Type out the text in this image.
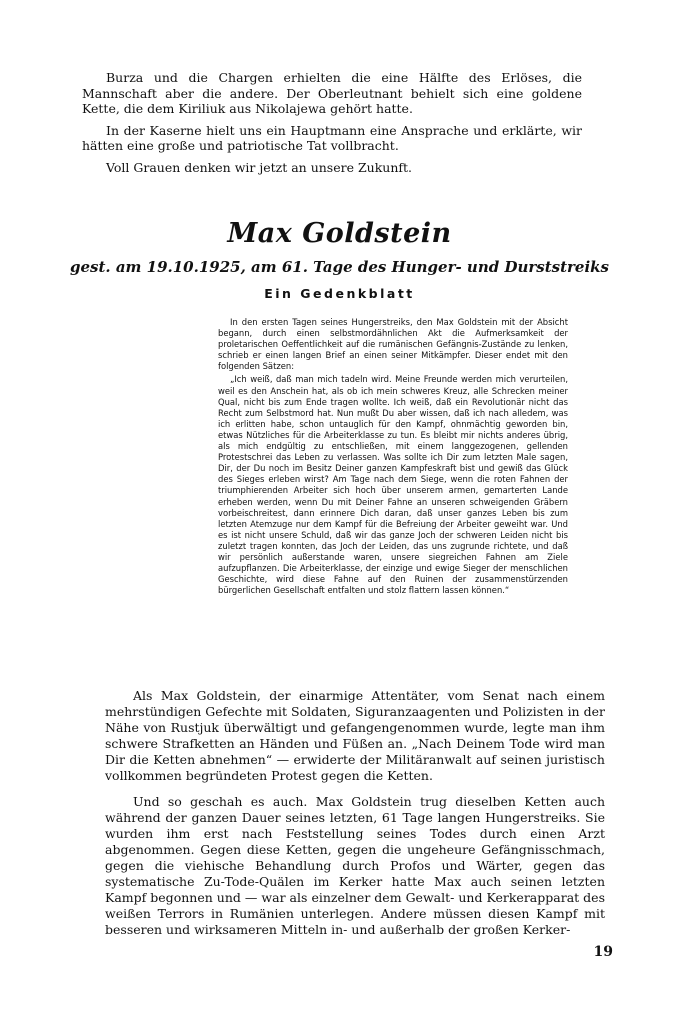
Burza und die Chargen erhielten die eine Hälfte des Erlöses, die Mannschaft aber die andere. Der Oberleutnant behielt sich eine goldene Kette, die dem Kiriliuk aus Nikolajewa gehört hatte.

In der Kaserne hielt uns ein Hauptmann eine Ansprache und erklärte, wir hätten eine große und patriotische Tat vollbracht.

Voll Grauen denken wir jetzt an unsere Zukunft.

Max Goldstein
gest. am 19.10.1925, am 61. Tage des Hunger- und Durststreiks
Ein Gedenkblatt

In den ersten Tagen seines Hungerstreiks, den Max Goldstein mit der Absicht begann, durch einen selbstmordähnlichen Akt die Aufmerksamkeit der proletarischen Oeffentlichkeit auf die rumänischen Gefängnis-Zustände zu lenken, schrieb er einen langen Brief an einen seiner Mitkämpfer. Dieser endet mit den folgenden Sätzen:

„Ich weiß, daß man mich tadeln wird. Meine Freunde werden mich verurteilen, weil es den Anschein hat, als ob ich mein schweres Kreuz, alle Schrecken meiner Qual, nicht bis zum Ende tragen wollte. Ich weiß, daß ein Revolutionär nicht das Recht zum Selbstmord hat. Nun mußt Du aber wissen, daß ich nach alledem, was ich erlitten habe, schon untauglich für den Kampf, ohnmächtig geworden bin, etwas Nützliches für die Arbeiterklasse zu tun. Es bleibt mir nichts anderes übrig, als mich endgültig zu entschließen, mit einem langgezogenen, gellenden Protestschrei das Leben zu verlassen. Was sollte ich Dir zum letzten Male sagen, Dir, der Du noch im Besitz Deiner ganzen Kampfeskraft bist und gewiß das Glück des Sieges erleben wirst? Am Tage nach dem Siege, wenn die roten Fahnen der triumphierenden Arbeiter sich hoch über unserem armen, gemarterten Lande erheben werden, wenn Du mit Deiner Fahne an unseren schweigenden Gräbern vorbeischreitest, dann erinnere Dich daran, daß unser ganzes Leben bis zum letzten Atemzuge nur dem Kampf für die Befreiung der Arbeiter geweiht war. Und es ist nicht unsere Schuld, daß wir das ganze Joch der schweren Leiden nicht bis zuletzt tragen konnten, das Joch der Leiden, das uns zugrunde richtete, und daß wir persönlich außerstande waren, unsere siegreichen Fahnen am Ziele aufzupflanzen. Die Arbeiterklasse, der einzige und ewige Sieger der menschlichen Geschichte, wird diese Fahne auf den Ruinen der zusammenstürzenden bürgerlichen Gesellschaft entfalten und stolz flattern lassen können.“

Als Max Goldstein, der einarmige Attentäter, vom Senat nach einem mehrstündigen Gefechte mit Soldaten, Siguranzaagenten und Polizisten in der Nähe von Rustjuk überwältigt und gefangengenommen wurde, legte man ihm schwere Strafketten an Händen und Füßen an. „Nach Deinem Tode wird man Dir die Ketten abnehmen“ — erwiderte der Militäranwalt auf seinen juristisch vollkommen begründeten Protest gegen die Ketten.

Und so geschah es auch. Max Goldstein trug dieselben Ketten auch während der ganzen Dauer seines letzten, 61 Tage langen Hungerstreiks. Sie wurden ihm erst nach Feststellung seines Todes durch einen Arzt abgenommen. Gegen diese Ketten, gegen die ungeheure Gefängnisschmach, gegen die viehische Behandlung durch Profos und Wärter, gegen das systematische Zu-Tode-Quälen im Kerker hatte Max auch seinen letzten Kampf begonnen und — war als einzelner dem Gewalt- und Kerkerapparat des weißen Terrors in Rumänien unterlegen. Andere müssen diesen Kampf mit besseren und wirksameren Mitteln in- und außerhalb der großen Kerker-

19
